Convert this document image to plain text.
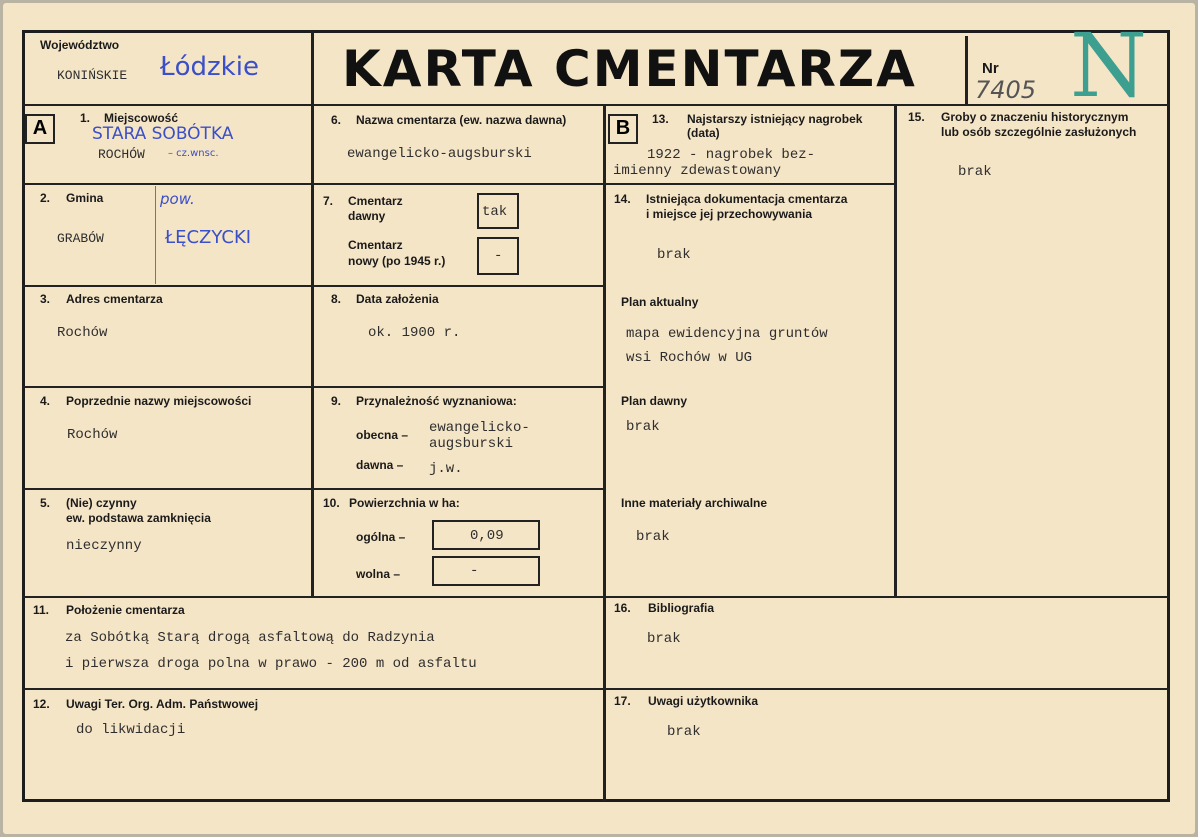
Województwo
KONIŃSKIE Łódzkie KARTA CMENTARZA	Nr
7405 N
A	B
1. Miejscowość
STARA SOBÓTKA
ROCHÓW – cz.wnsc.
2. Gmina
GRABÓW
pow.
ŁĘCZYCKI
3. Adres cmentarza
Rochów
4. Poprzednie nazwy miejscowości
Rochów
5. (Nie) czynny
ew. podstawa zamknięcia
nieczynny
6. Nazwa cmentarza (ew. nazwa dawna)
ewangelicko-augsburski
7. Cmentarz
dawny	tak
Cmentarz
nowy (po 1945 r.)	-
8. Data założenia
ok. 1900 r.
9. Przynależność wyznaniowa:
obecna – ewangelicko-
augsburski
dawna – j.w.
10. Powierzchnia w ha:
ogólna –	0,09
wolna –	-
11. Położenie cmentarza
za Sobótką Starą drogą asfaltową do Radzynia
i pierwsza droga polna w prawo - 200 m od asfaltu
12. Uwagi Ter. Org. Adm. Państwowej
do likwidacji
13. Najstarszy istniejący nagrobek
(data)
1922 - nagrobek bez-
imienny zdewastowany
14. Istniejąca dokumentacja cmentarza
i miejsce jej przechowywania
brak
Plan aktualny
mapa ewidencyjna gruntów
wsi Rochów w UG
Plan dawny
brak
Inne materiały archiwalne
brak
15. Groby o znaczeniu historycznym
lub osób szczególnie zasłużonych
brak
16. Bibliografia
brak
17. Uwagi użytkownika
brak
